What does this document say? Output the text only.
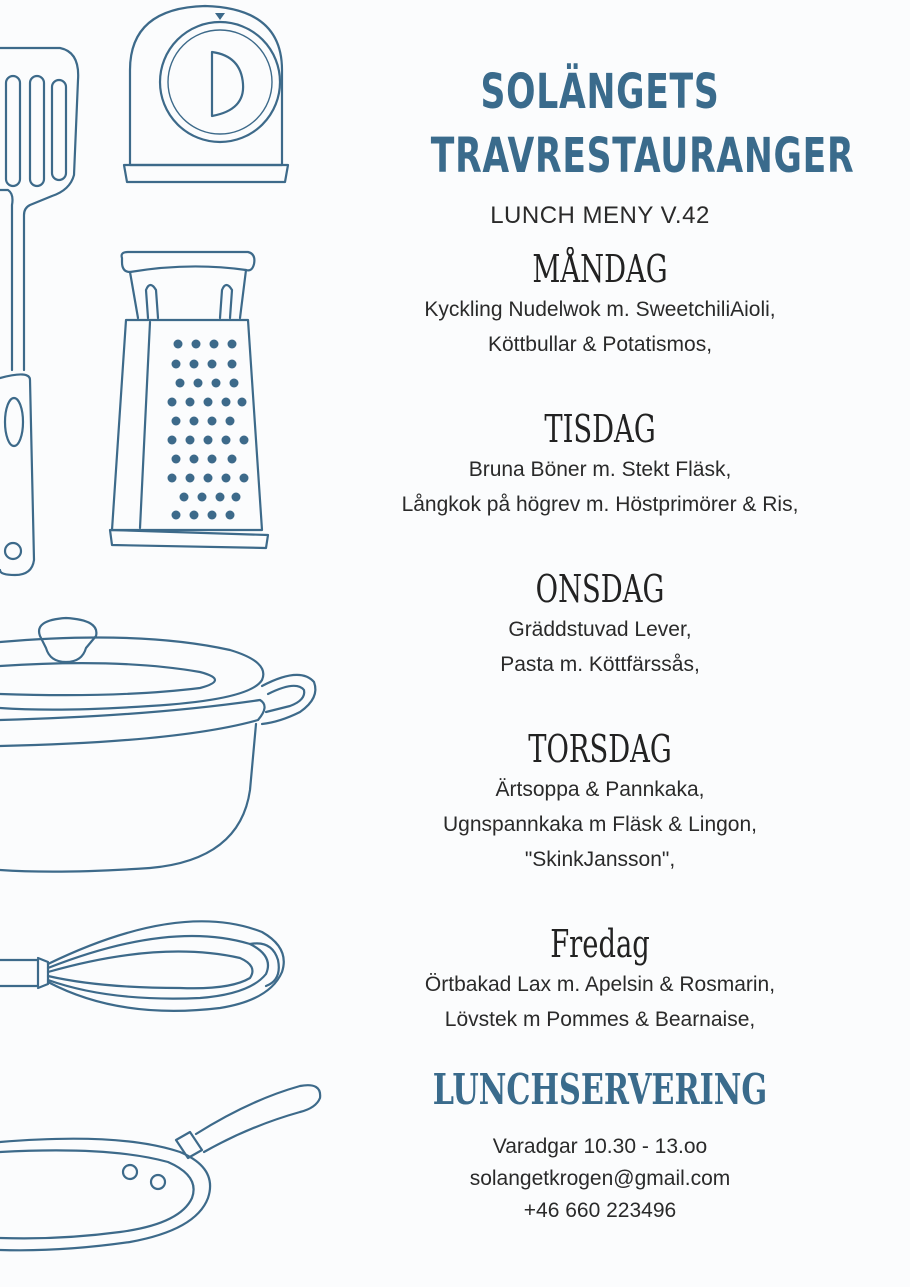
SOLÄNGETS
TRAVRESTAURANGER
LUNCH MENY V.42
MÅNDAG
Kyckling Nudelwok m. SweetchiliAioli,
Köttbullar & Potatismos,
TISDAG
Bruna Böner m. Stekt Fläsk,
Långkok på högrev m. Höstprimörer & Ris,
ONSDAG
Gräddstuvad Lever,
Pasta m. Köttfärssås,
TORSDAG
Ärtsoppa & Pannkaka,
Ugnspannkaka m Fläsk & Lingon,
"SkinkJansson",
Fredag
Örtbakad Lax m. Apelsin & Rosmarin,
Lövstek m Pommes & Bearnaise,
LUNCHSERVERING
Varadgar 10.30 - 13.oo
solangetkrogen@gmail.com
+46 660 223496
